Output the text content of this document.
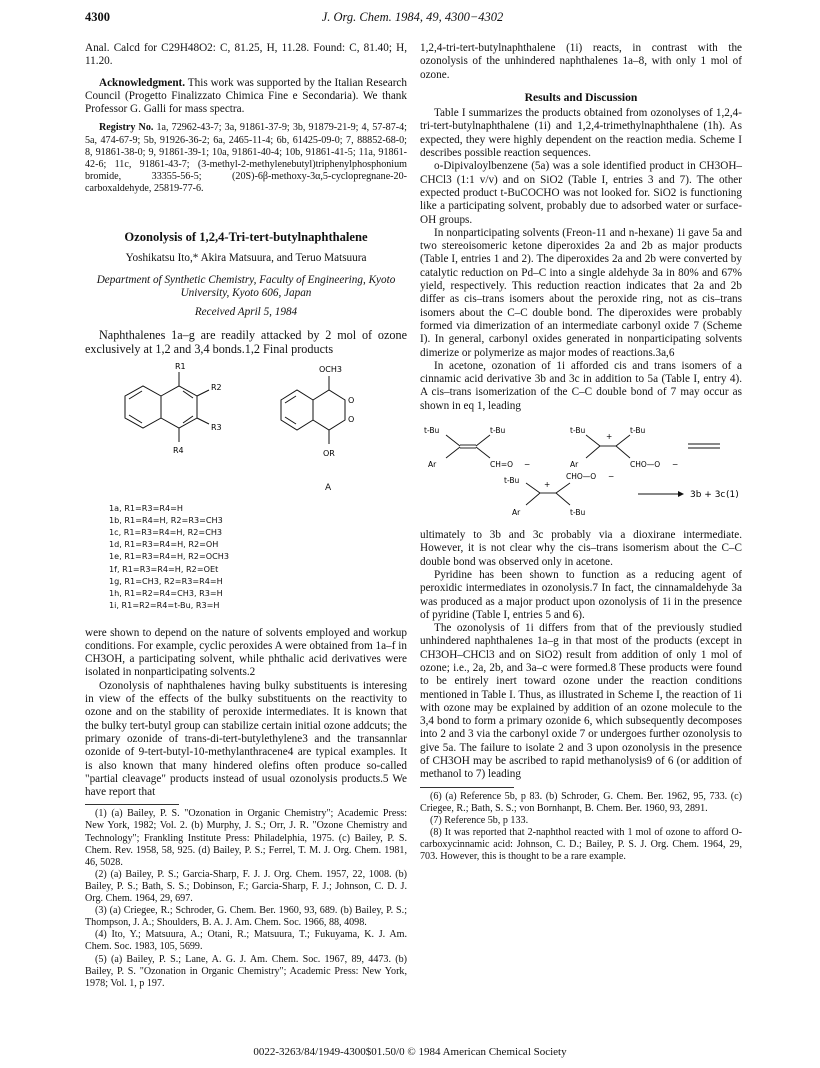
4300	J. Org. Chem. 1984, 49, 4300−4302

Anal. Calcd for C29H48O2: C, 81.25, H, 11.28. Found: C, 81.40; H, 11.20.

Acknowledgment. This work was supported by the Italian Research Council (Progetto Finalizzato Chimica Fine e Secondaria). We thank Professor G. Galli for mass spectra.

Registry No. 1a, 72962-43-7; 3a, 91861-37-9; 3b, 91879-21-9; 4, 57-87-4; 5a, 474-67-9; 5b, 91926-36-2; 6a, 2465-11-4; 6b, 61425-09-0; 7, 88852-68-0; 8, 91861-38-0; 9, 91861-39-1; 10a, 91861-40-4; 10b, 91861-41-5; 11a, 91861-42-6; 11c, 91861-43-7; (3-methyl-2-methylenebutyl)triphenylphosphonium bromide, 33355-56-5; (20S)-6β-methoxy-3α,5-cyclopregnane-20-carboxaldehyde, 25819-77-6.

Ozonolysis of 1,2,4-Tri-tert-butylnaphthalene

Yoshikatsu Ito,* Akira Matsuura, and Teruo Matsuura

Department of Synthetic Chemistry, Faculty of Engineering, Kyoto University, Kyoto 606, Japan

Received April 5, 1984

Naphthalenes 1a–g are readily attacked by 2 mol of ozone exclusively at 1,2 and 3,4 bonds.1,2 Final products

R1
R2
R3
R4
OCH3
O
O
OR
A
1a, R1=R3=R4=H
1b, R1=R4=H, R2=R3=CH3
1c, R1=R3=R4=H, R2=CH3
1d, R1=R3=R4=H, R2=OH
1e, R1=R3=R4=H, R2=OCH3
1f, R1=R3=R4=H, R2=OEt
1g, R1=CH3, R2=R3=R4=H
1h, R1=R2=R4=CH3, R3=H
1i, R1=R2=R4=t-Bu, R3=H

were shown to depend on the nature of solvents employed and workup conditions. For example, cyclic peroxides A were obtained from 1a–f in CH3OH, a participating solvent, while phthalic acid derivatives were isolated in nonparticipating solvents.2

Ozonolysis of naphthalenes having bulky substituents is interesing in view of the effects of the bulky substituents on the reactivity to ozone and on the stability of peroxide intermediates. It is known that the bulky tert-butyl group can stabilize certain initial ozone addcuts; the primary ozonide of trans-di-tert-butylethylene3 and the transannlar ozonide of 9-tert-butyl-10-methylanthracene4 are typical examples. It is also known that many hindered olefins often produce so-called "partial cleavage" products instead of usual ozonolysis products.5 We have report that

(1) (a) Bailey, P. S. "Ozonation in Organic Chemistry"; Academic Press: New York, 1982; Vol. 2. (b) Murphy, J. S.; Orr, J. R. "Ozone Chemistry and Technology"; Frankling Institute Press: Philadelphia, 1975. (c) Bailey, P. S. Chem. Rev. 1958, 58, 925. (d) Bailey, P. S.; Ferrel, T. M. J. Org. Chem. 1981, 46, 5028.

(2) (a) Bailey, P. S.; Garcia-Sharp, F. J. J. Org. Chem. 1957, 22, 1008. (b) Bailey, P. S.; Bath, S. S.; Dobinson, F.; Garcia-Sharp, F. J.; Johnson, C. D. J. Org. Chem. 1964, 29, 697.

(3) (a) Criegee, R.; Schroder, G. Chem. Ber. 1960, 93, 689. (b) Bailey, P. S.; Thompson, J. A.; Shoulders, B. A. J. Am. Chem. Soc. 1966, 88, 4098.

(4) Ito, Y.; Matsuura, A.; Otani, R.; Matsuura, T.; Fukuyama, K. J. Am. Chem. Soc. 1983, 105, 5699.

(5) (a) Bailey, P. S.; Lane, A. G. J. Am. Chem. Soc. 1967, 89, 4473. (b) Bailey, P. S. "Ozonation in Organic Chemistry"; Academic Press: New York, 1978; Vol. 1, p 197.

1,2,4-tri-tert-butylnaphthalene (1i) reacts, in contrast with the ozonolysis of the unhindered naphthalenes 1a–8, with only 1 mol of ozone.

Results and Discussion

Table I summarizes the products obtained from ozonolyses of 1,2,4-tri-tert-butylnaphthalene (1i) and 1,2,4-trimethylnaphthalene (1h). As expected, they were highly dependent on the reaction media. Scheme I describes possible reaction sequences.

o-Dipivaloylbenzene (5a) was a sole identified product in CH3OH–CHCl3 (1:1 v/v) and on SiO2 (Table I, entries 3 and 7). The other expected product t-BuCOCHO was not looked for. SiO2 is functioning like a participating solvent, probably due to adsorbed water or surface-OH groups.

In nonparticipating solvents (Freon-11 and n-hexane) 1i gave 5a and two stereoisomeric ketone diperoxides 2a and 2b as major products (Table I, entries 1 and 2). The diperoxides 2a and 2b were converted by catalytic reduction on Pd–C into a single aldehyde 3a in 80% and 67% yield, respectively. This reduction reaction indicates that 2a and 2b differ as cis–trans isomers about the peroxide ring, not as cis–trans isomers about the C–C double bond. The diperoxides were probably formed via dimerization of an intermediate carbonyl oxide 7 (Scheme I). In general, carbonyl oxides generated in nonparticipating solvents dimerize or polymerize as major modes of reactions.3a,6

In acetone, ozonation of 1i afforded cis and trans isomers of a cinnamic acid derivative 3b and 3c in addition to 5a (Table I, entry 4). A cis–trans isomerization of the C–C double bond of 7 may occur as shown in eq 1, leading

t-Bu	t-Bu
Ar	CH=O −
t-Bu	t-Bu
+
Ar	CHO—O −
t-Bu	+
CHO—O −
Ar	t-Bu
3b + 3c (1)

ultimately to 3b and 3c probably via a dioxirane intermediate. However, it is not clear why the cis–trans isomerism about the C–C double bond was observed only in acetone.

Pyridine has been shown to function as a reducing agent of peroxidic intermediates in ozonolysis.7 In fact, the cinnamaldehyde 3a was produced as a major product upon ozonolysis of 1i in the presence of pyridine (Table I, entries 5 and 6).

The ozonolysis of 1i differs from that of the previously studied unhindered naphthalenes 1a–g in that most of the products (except in CH3OH–CHCl3 and on SiO2) result from addition of only 1 mol of ozone; i.e., 2a, 2b, and 3a–c were formed.8 These products were found to be entirely inert toward ozone under the reaction conditions mentioned in Table I. Thus, as illustrated in Scheme I, the reaction of 1i with ozone may be explained by addition of an ozone molecule to the 3,4 bond to form a primary ozonide 6, which subsequently decomposes into 2 and 3 via the carbonyl oxide 7 or undergoes further ozonolysis to give 5a. The failure to isolate 2 and 3 upon ozonolysis in the presence of CH3OH may be ascribed to rapid methanolysis9 of 6 (or addition of methanol to 7) leading

(6) (a) Reference 5b, p 83. (b) Schroder, G. Chem. Ber. 1962, 95, 733. (c) Criegee, R.; Bath, S. S.; von Bornhanpt, B. Chem. Ber. 1960, 93, 2891.

(7) Reference 5b, p 133.

(8) It was reported that 2-naphthol reacted with 1 mol of ozone to afford O-carboxycinnamic acid: Johnson, C. D.; Bailey, P. S. J. Org. Chem. 1964, 29, 703. However, this is thought to be a rare example.

0022-3263/84/1949-4300$01.50/0 © 1984 American Chemical Society
